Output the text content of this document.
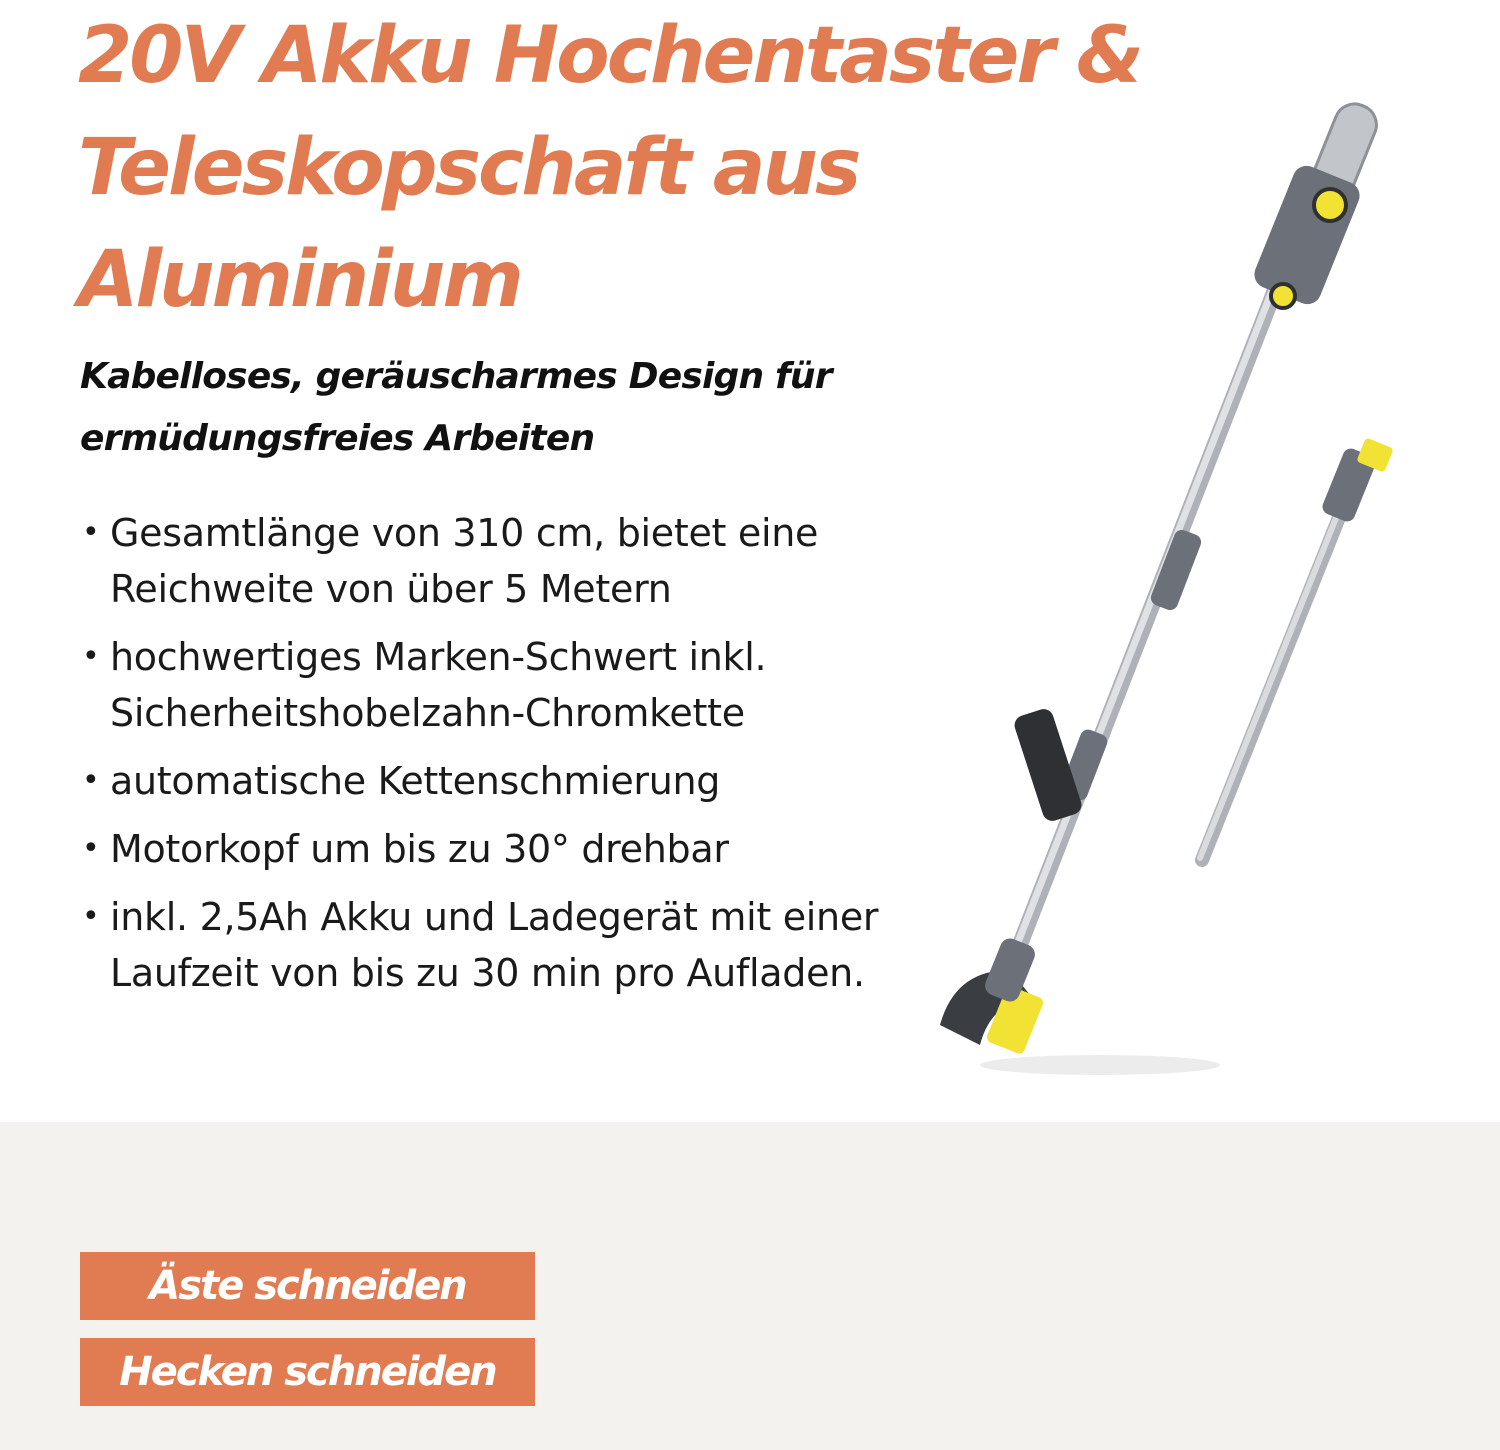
20V Akku Hochentaster & Teleskopschaft aus Aluminium
Kabelloses, geräuscharmes Design für ermüdungsfreies Arbeiten
• Gesamtlänge von 310 cm, bietet eine Reichweite von über 5 Metern
• hochwertiges Marken-Schwert inkl. Sicherheitshobelzahn-Chromkette
• automatische Kettenschmierung
• Motorkopf um bis zu 30° drehbar
• inkl. 2,5Ah Akku und Ladegerät mit einer Laufzeit von bis zu 30 min pro Aufladen.
Äste schneiden
Hecken schneiden
